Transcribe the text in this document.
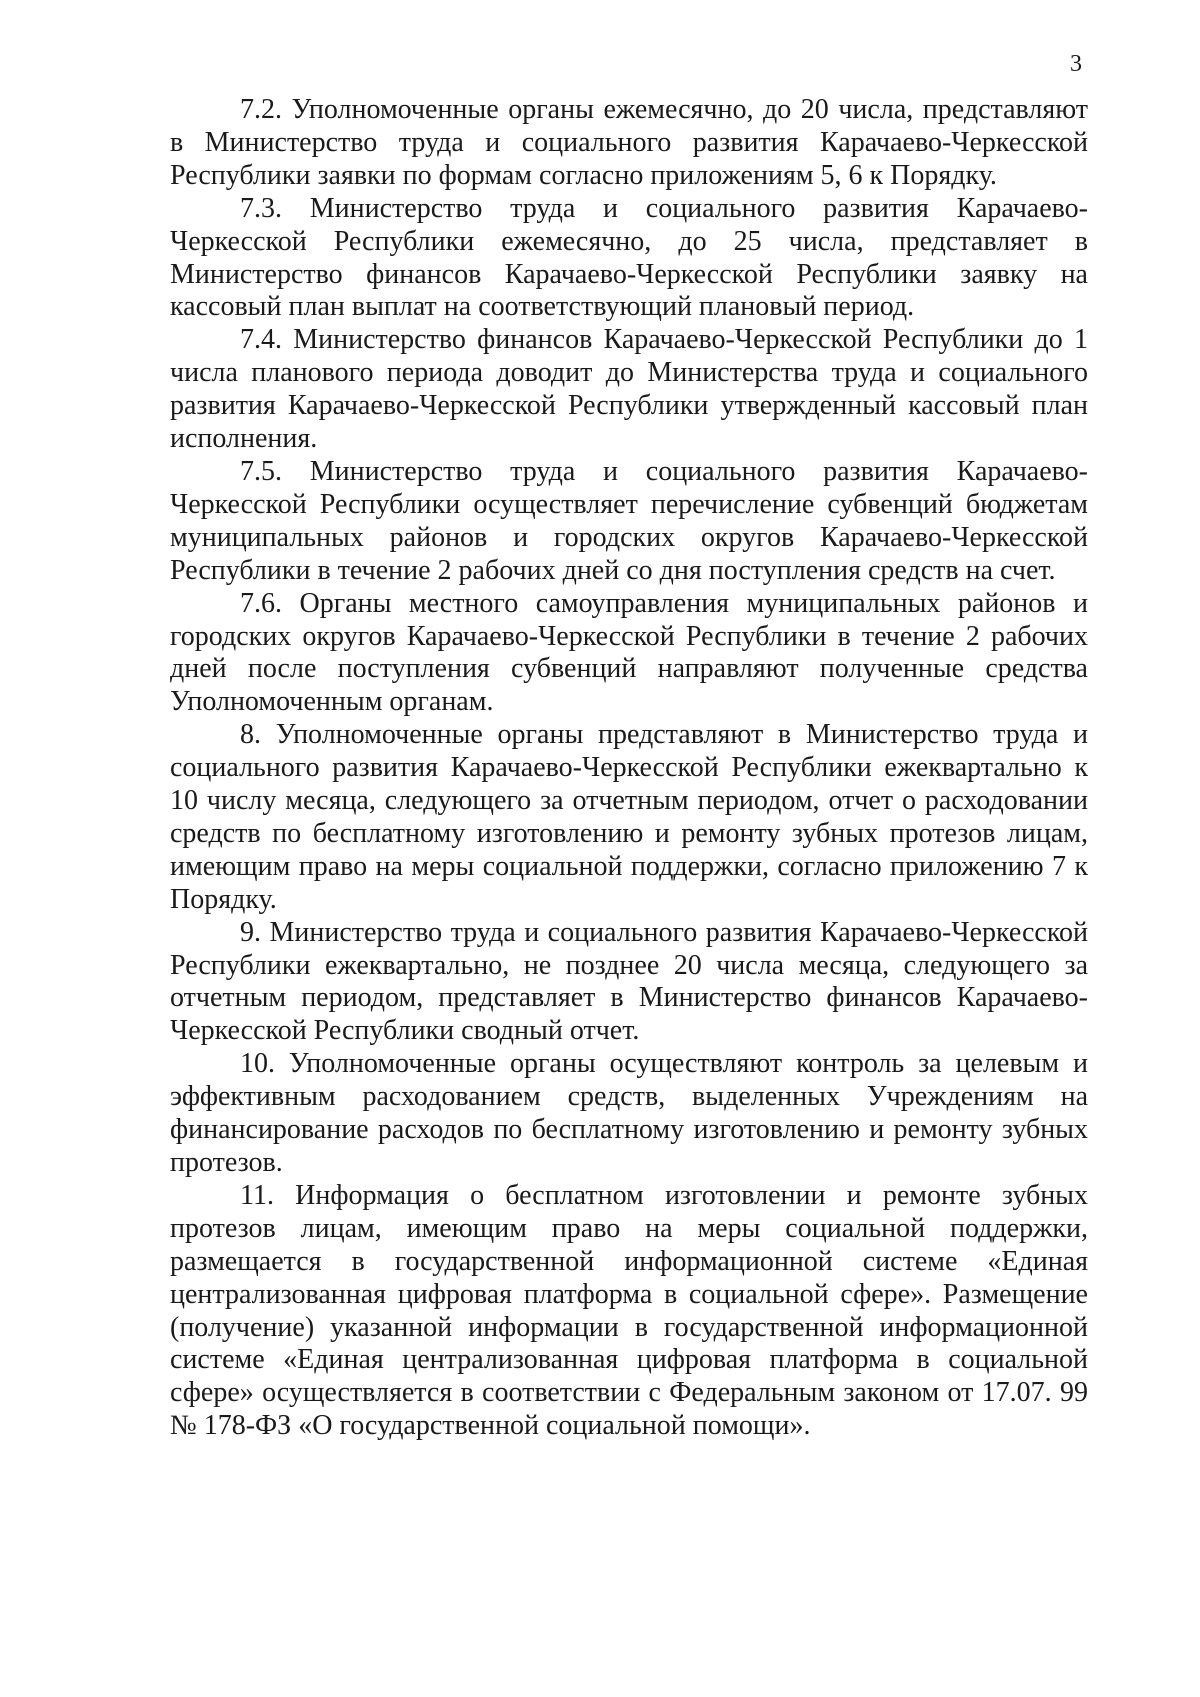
3

7.2. Уполномоченные органы ежемесячно, до 20 числа, представляют в Министерство труда и социального развития Карачаево-Черкесской Республики заявки по формам согласно приложениям 5, 6 к Порядку.

7.3. Министерство труда и социального развития Карачаево-Черкесской Республики ежемесячно, до 25 числа, представляет в Министерство финансов Карачаево-Черкесской Республики заявку на кассовый план выплат на соответствующий плановый период.

7.4. Министерство финансов Карачаево-Черкесской Республики до 1 числа планового периода доводит до Министерства труда и социального развития Карачаево-Черкесской Республики утвержденный кассовый план исполнения.

7.5. Министерство труда и социального развития Карачаево-Черкесской Республики осуществляет перечисление субвенций бюджетам муниципальных районов и городских округов Карачаево-Черкесской Республики в течение 2 рабочих дней со дня поступления средств на счет.

7.6. Органы местного самоуправления муниципальных районов и городских округов Карачаево-Черкесской Республики в течение 2 рабочих дней после поступления субвенций направляют полученные средства Уполномоченным органам.

8. Уполномоченные органы представляют в Министерство труда и социального развития Карачаево-Черкесской Республики ежеквартально к 10 числу месяца, следующего за отчетным периодом, отчет о расходовании средств по бесплатному изготовлению и ремонту зубных протезов лицам, имеющим право на меры социальной поддержки, согласно приложению 7 к Порядку.

9. Министерство труда и социального развития Карачаево-Черкесской Республики ежеквартально, не позднее 20 числа месяца, следующего за отчетным периодом, представляет в Министерство финансов Карачаево-Черкесской Республики сводный отчет.

10. Уполномоченные органы осуществляют контроль за целевым и эффективным расходованием средств, выделенных Учреждениям на финансирование расходов по бесплатному изготовлению и ремонту зубных протезов.

11. Информация о бесплатном изготовлении и ремонте зубных протезов лицам, имеющим право на меры социальной поддержки, размещается в государственной информационной системе «Единая централизованная цифровая платформа в социальной сфере». Размещение (получение) указанной информации в государственной информационной системе «Единая централизованная цифровая платформа в социальной сфере» осуществляется в соответствии с Федеральным законом от 17.07. 99 № 178-ФЗ «О государственной социальной помощи».
